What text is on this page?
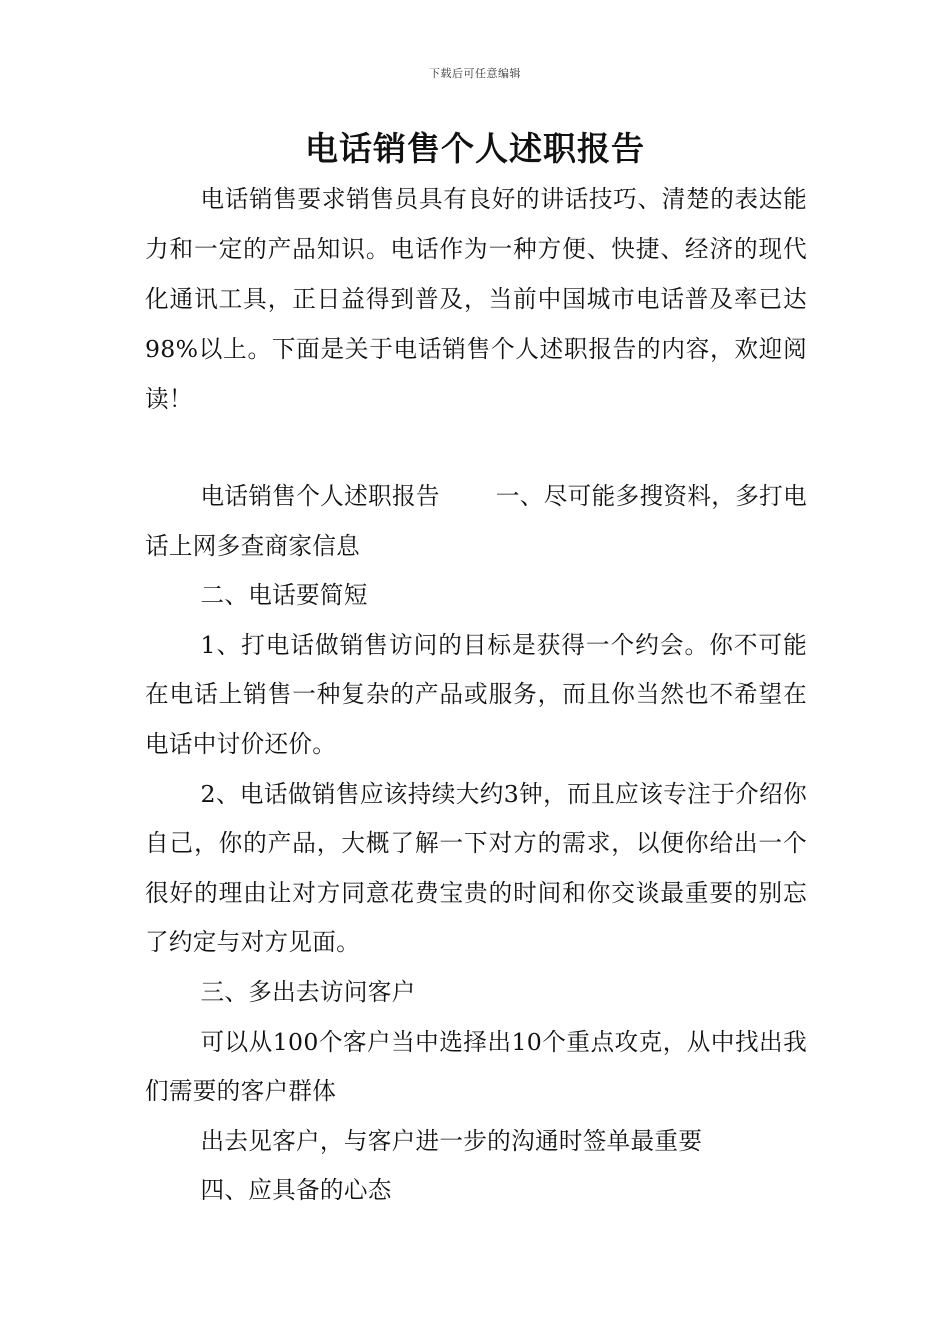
下载后可任意编辑
电话销售个人述职报告

电话销售要求销售员具有良好的讲话技巧、清楚的表达能力和一定的产品知识。电话作为一种方便、快捷、经济的现代化通讯工具，正日益得到普及，当前中国城市电话普及率已达98%以上。下面是关于电话销售个人述职报告的内容，欢迎阅读！

电话销售个人述职报告 一、尽可能多搜资料，多打电话上网多查商家信息

二、电话要简短

1、打电话做销售访问的目标是获得一个约会。你不可能在电话上销售一种复杂的产品或服务，而且你当然也不希望在电话中讨价还价。

2、电话做销售应该持续大约3钟，而且应该专注于介绍你自己，你的产品，大概了解一下对方的需求，以便你给出一个很好的理由让对方同意花费宝贵的时间和你交谈最重要的别忘了约定与对方见面。

三、多出去访问客户

可以从100个客户当中选择出10个重点攻克，从中找出我们需要的客户群体

出去见客户，与客户进一步的沟通时签单最重要

四、应具备的心态
